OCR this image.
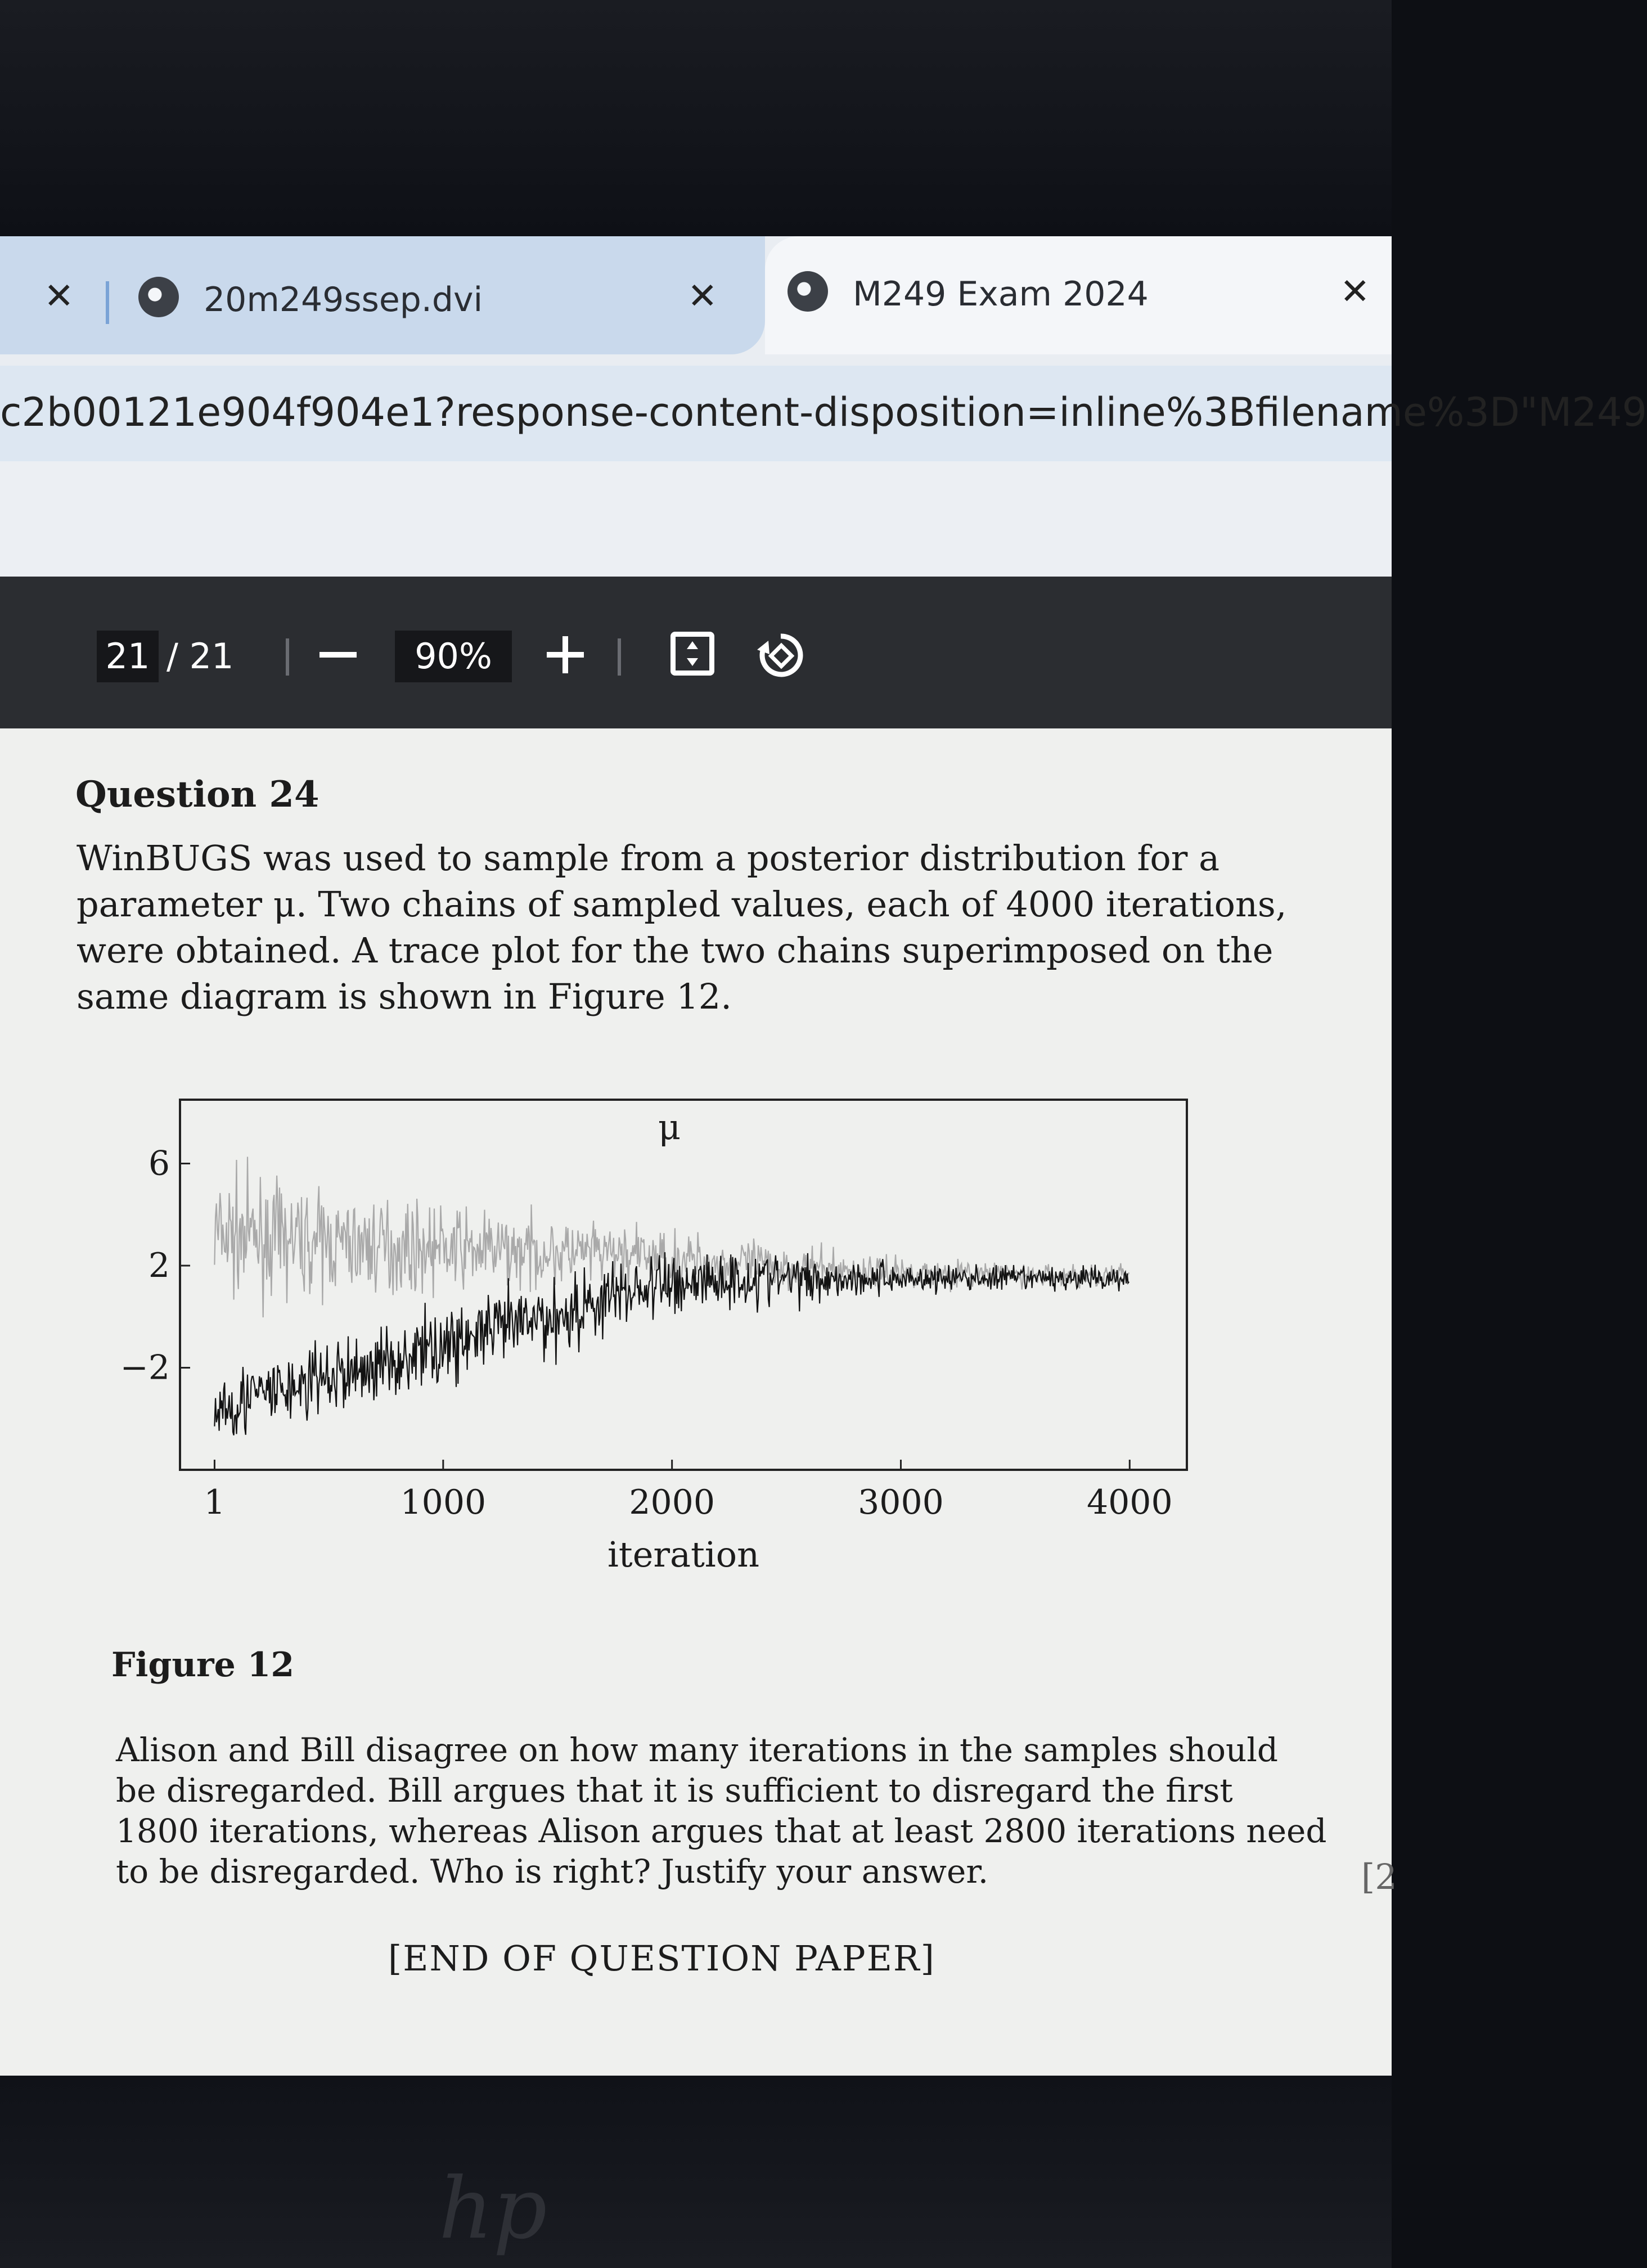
✕	20m249ssep.dvi	✕	M249 Exam 2024	✕
c2b00121e904f904e1?response-content-disposition=inline%3Bfilename%3D"M249
21 / 21	90%
Question 24
WinBUGS was used to sample from a posterior distribution for a
parameter μ. Two chains of sampled values, each of 4000 iterations,
were obtained. A trace plot for the two chains superimposed on the
same diagram is shown in Figure 12.
1	1000	2000	3000	4000
−2
2
6
μ
iteration
Figure 12
Alison and Bill disagree on how many iterations in the samples should
be disregarded. Bill argues that it is sufficient to disregard the first
1800 iterations, whereas Alison argues that at least 2800 iterations need
to be disregarded. Who is right? Justify your answer.	[2
[END OF QUESTION PAPER]
hp
